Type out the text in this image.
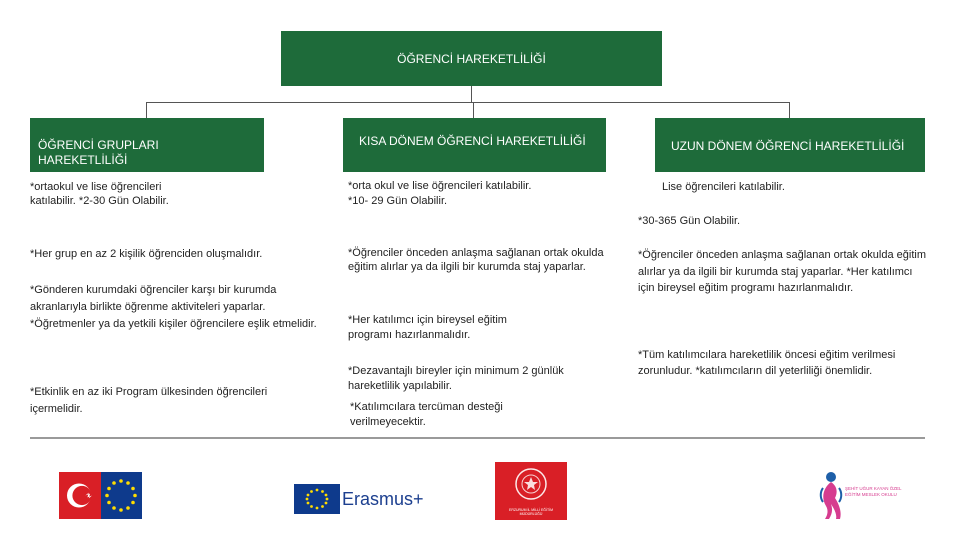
ÖĞRENCİ HAREKETLİLİĞİ
ÖĞRENCİ GRUPLARI HAREKETLİLİĞİ
KISA DÖNEM ÖĞRENCİ HAREKETLİLİĞİ	UZUN DÖNEM ÖĞRENCİ HAREKETLİLİĞİ
*ortaokul ve lise öğrencileri katılabilir. *2-30 Gün Olabilir.
*Her grup en az 2 kişilik öğrenciden oluşmalıdır.
*Gönderen kurumdaki öğrenciler karşı bir kurumda akranlarıyla birlikte öğrenme aktiviteleri yaparlar. *Öğretmenler ya da yetkili kişiler öğrencilere eşlik etmelidir.
*Etkinlik en az iki Program ülkesinden öğrencileri içermelidir.
*orta okul ve lise öğrencileri katılabilir. *10- 29 Gün Olabilir.
*Öğrenciler önceden anlaşma sağlanan ortak okulda eğitim alırlar ya da ilgili bir kurumda staj yaparlar.
*Her katılımcı için bireysel eğitim programı hazırlanmalıdır.
*Dezavantajlı bireyler için minimum 2 günlük hareketlilik yapılabilir.
*Katılımcılara tercüman desteği verilmeyecektir.
Lise öğrencileri katılabilir.
*30-365 Gün Olabilir.
*Öğrenciler önceden anlaşma sağlanan ortak okulda eğitim alırlar ya da ilgili bir kurumda staj yaparlar. *Her katılımcı için bireysel eğitim programı hazırlanmalıdır.
*Tüm katılımcılara hareketlilik öncesi eğitim verilmesi zorunludur. *katılımcıların dil yeterliliği önemlidir.
Erasmus+
ERZURUM İL MİLLİ EĞİTİM MÜDÜRLÜĞÜ
ŞEHİT UĞUR KAYAN ÖZEL EĞİTİM MESLEK OKULU
